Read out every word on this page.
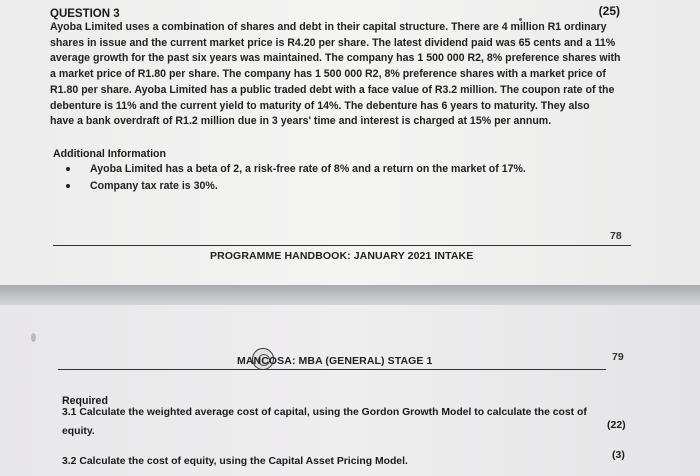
QUESTION 3	(25)
Ayoba Limited uses a combination of shares and debt in their capital structure. There are 4 million R1 ordinary
shares in issue and the current market price is R4.20 per share. The latest dividend paid was 65 cents and a 11%
average growth for the past six years was maintained. The company has 1 500 000 R2, 8% preference shares with
a market price of R1.80 per share. The company has 1 500 000 R2, 8% preference shares with a market price of
R1.80 per share. Ayoba Limited has a public traded debt with a face value of R3.2 million. The coupon rate of the
debenture is 11% and the current yield to maturity of 14%. The debenture has 6 years to maturity. They also
have a bank overdraft of R1.2 million due in 3 years' time and interest is charged at 15% per annum.
Additional Information
Ayoba Limited has a beta of 2, a risk-free rate of 8% and a return on the market of 17%.
Company tax rate is 30%.
78
PROGRAMME HANDBOOK: JANUARY 2021 INTAKE
79
MANCOSA: MBA (GENERAL) STAGE 1
Required
3.1 Calculate the weighted average cost of capital, using the Gordon Growth Model to calculate the cost of
equity.
(22)
3.2 Calculate the cost of equity, using the Capital Asset Pricing Model.
(3)
